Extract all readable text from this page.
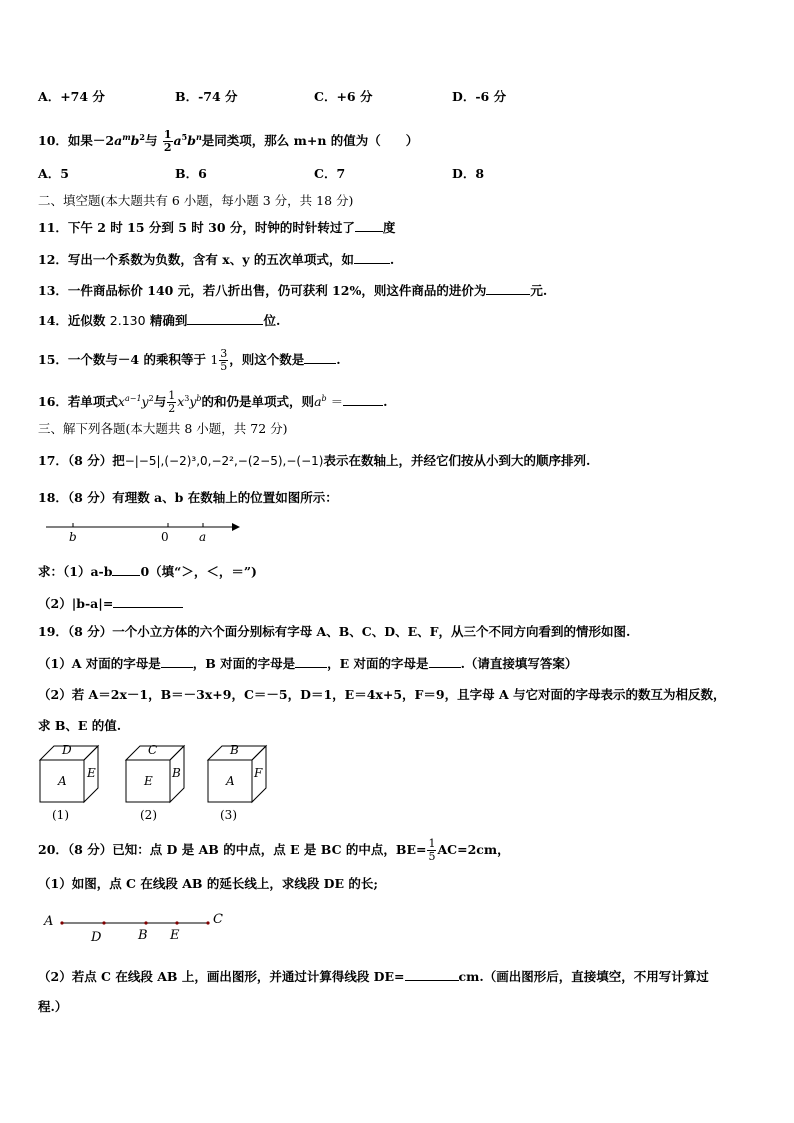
A．+74 分	B．-74 分	C．+6 分	D．-6 分
10．如果$-2a^mb^2$与 $\frac{1}{2} a^5b^n$是同类项，那么 m+n 的值为（　　）
A．5	B．6	C．7	D．8
二、填空题(本大题共有 6 小题，每小题 3 分，共 18 分)
11．下午 2 时 15 分到 5 时 30 分，时钟的时针转过了 度
12．写出一个系数为负数，含有 x、y 的五次单项式，如	.
13．一件商品标价 140 元，若八折出售，仍可获利 12%，则这件商品的进价为	元.
14．近似数 2.130 精确到	位.
15．一个数与－4 的乘积等于 $1 \frac{3}{5}$ ，则这个数是	.
16．若单项式$x^{a-1}y^2$与 $\frac{1}{2} x^3y^b$的和仍是单项式，则$a^b$ ＝	.
三、解下列各题(本大题共 8 小题，共 72 分)
17．（8 分）把−|−5|,(−2)³,0,−2²,−(2−5),−(−1)表示在数轴上，并经它们按从小到大的顺序排列.
18．（8 分）有理数 a、b 在数轴上的位置如图所示：
b	0	a
求：（1）a-b 0（填“＞，＜，＝”)
（2）|b-a|=
19．（8 分）一个小立方体的六个面分别标有字母 A、B、C、D、E、F，从三个不同方向看到的情形如图.
（1）A 对面的字母是	，B 对面的字母是	，E 对面的字母是	.（请直接填写答案）
（2）若 A＝2x－1，B＝－3x+9，C＝－5，D＝1，E＝4x+5，F＝9，且字母 A 与它对面的字母表示的数互为相反数，
求 B、E 的值.
D
A
E
(1)
C
E
B
(2)
B
A
F
(3)
20．（8 分）已知：点 D 是 AB 的中点，点 E 是 BC 的中点，$BE= \frac{1}{5} AC=2cm$，
（1）如图，点 C 在线段 AB 的延长线上，求线段 DE 的长;
A
D	B E
C
（2）若点 C 在线段 AB 上，画出图形，并通过计算得线段 DE=	cm.（画出图形后，直接填空，不用写计算过
程.）
